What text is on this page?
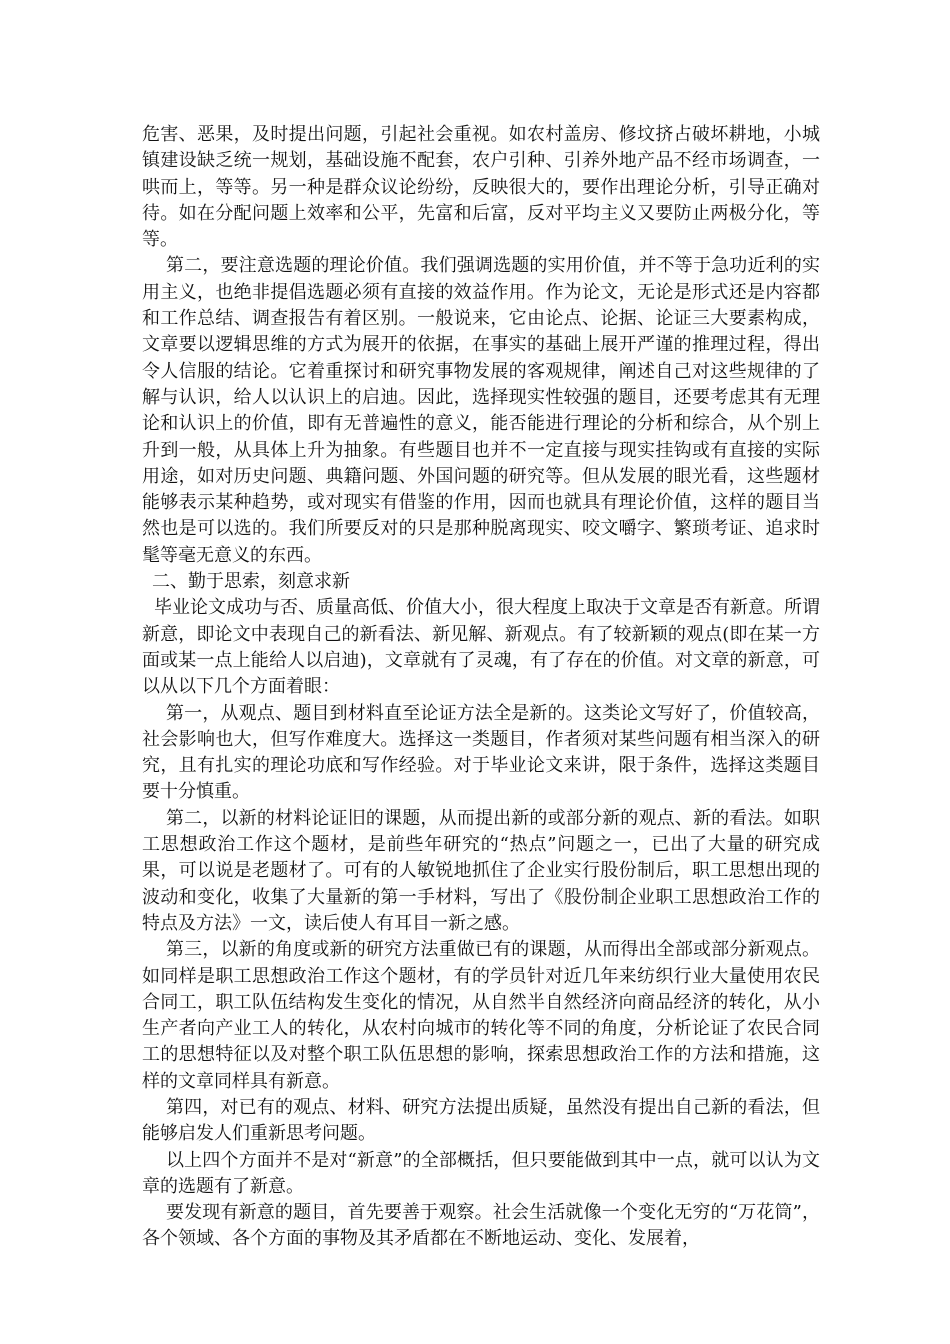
危害、恶果，及时提出问题，引起社会重视。如农村盖房、修坟挤占破坏耕地，小城镇建设缺乏统一规划，基础设施不配套，农户引种、引养外地产品不经市场调查，一哄而上，等等。另一种是群众议论纷纷，反映很大的，要作出理论分析，引导正确对待。如在分配问题上效率和公平，先富和后富，反对平均主义又要防止两极分化，等等。

第二，要注意选题的理论价值。我们强调选题的实用价值，并不等于急功近利的实用主义，也绝非提倡选题必须有直接的效益作用。作为论文，无论是形式还是内容都和工作总结、调查报告有着区别。一般说来，它由论点、论据、论证三大要素构成，文章要以逻辑思维的方式为展开的依据，在事实的基础上展开严谨的推理过程，得出令人信服的结论。它着重探讨和研究事物发展的客观规律，阐述自己对这些规律的了解与认识，给人以认识上的启迪。因此，选择现实性较强的题目，还要考虑其有无理论和认识上的价值，即有无普遍性的意义，能否能进行理论的分析和综合，从个别上升到一般，从具体上升为抽象。有些题目也并不一定直接与现实挂钩或有直接的实际用途，如对历史问题、典籍问题、外国问题的研究等。但从发展的眼光看，这些题材能够表示某种趋势，或对现实有借鉴的作用，因而也就具有理论价值，这样的题目当然也是可以选的。我们所要反对的只是那种脱离现实、咬文嚼字、繁琐考证、追求时髦等毫无意义的东西。

二、勤于思索，刻意求新

毕业论文成功与否、质量高低、价值大小，很大程度上取决于文章是否有新意。所谓新意，即论文中表现自己的新看法、新见解、新观点。有了较新颖的观点(即在某一方面或某一点上能给人以启迪)，文章就有了灵魂，有了存在的价值。对文章的新意，可以从以下几个方面着眼：

第一，从观点、题目到材料直至论证方法全是新的。这类论文写好了，价值较高，社会影响也大，但写作难度大。选择这一类题目，作者须对某些问题有相当深入的研究，且有扎实的理论功底和写作经验。对于毕业论文来讲，限于条件，选择这类题目要十分慎重。

第二，以新的材料论证旧的课题，从而提出新的或部分新的观点、新的看法。如职工思想政治工作这个题材，是前些年研究的“热点”问题之一，已出了大量的研究成果，可以说是老题材了。可有的人敏锐地抓住了企业实行股份制后，职工思想出现的波动和变化，收集了大量新的第一手材料，写出了《股份制企业职工思想政治工作的特点及方法》一文，读后使人有耳目一新之感。

第三，以新的角度或新的研究方法重做已有的课题，从而得出全部或部分新观点。如同样是职工思想政治工作这个题材，有的学员针对近几年来纺织行业大量使用农民合同工，职工队伍结构发生变化的情况，从自然半自然经济向商品经济的转化，从小生产者向产业工人的转化，从农村向城市的转化等不同的角度，分析论证了农民合同工的思想特征以及对整个职工队伍思想的影响，探索思想政治工作的方法和措施，这样的文章同样具有新意。

第四，对已有的观点、材料、研究方法提出质疑，虽然没有提出自己新的看法，但能够启发人们重新思考问题。

以上四个方面并不是对“新意”的全部概括，但只要能做到其中一点，就可以认为文章的选题有了新意。

要发现有新意的题目，首先要善于观察。社会生活就像一个变化无穷的“万花筒”，各个领域、各个方面的事物及其矛盾都在不断地运动、变化、发展着，
